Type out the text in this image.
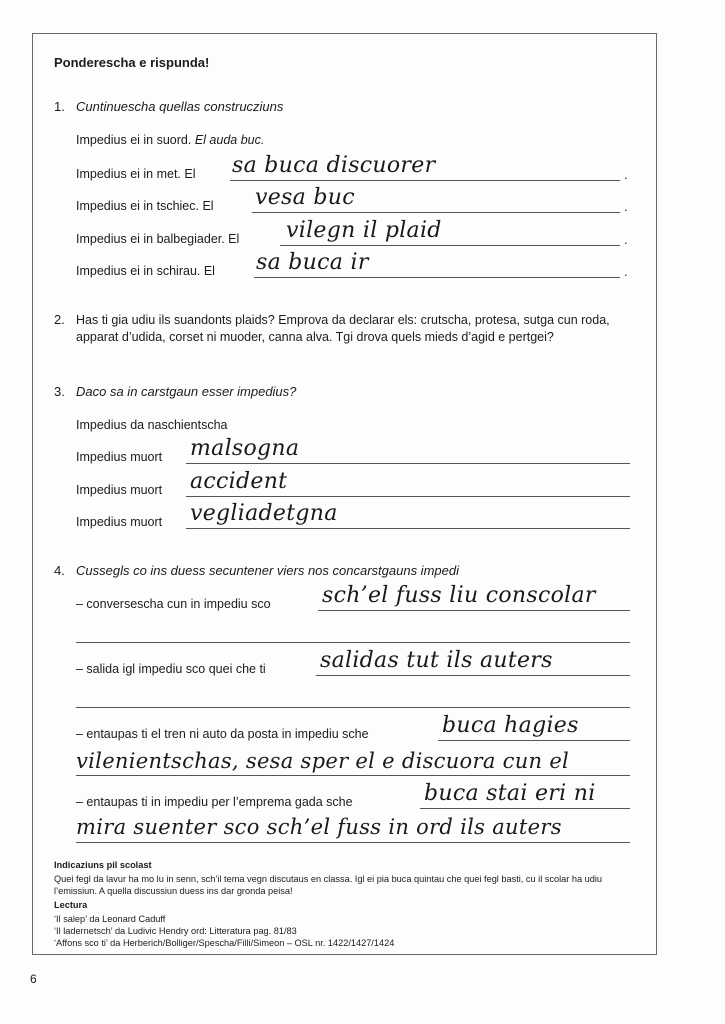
Ponderescha e rispunda!
1. Cuntinuescha quellas construcziuns
Impedius ei in suord. El auda buc.
Impedius ei in met. El sa buca discuorer	.
Impedius ei in tschiec. El vesa buc	.
Impedius ei in balbegiader. El vilegn il plaid	.
Impedius ei in schirau. El sa buca ir	.
2. Has ti gia udiu ils suandonts plaids? Emprova da declarar els: crutscha, protesa, sutga cun roda, apparat d’udida, corset ni muoder, canna alva. Tgi drova quels mieds d’agid e pertgei?
3. Daco sa in carstgaun esser impedius?
Impedius da naschientscha
Impedius muort malsogna
Impedius muort accident
Impedius muort vegliadetgna
4. Cussegls co ins duess secuntener viers nos concarstgauns impedi
– conversescha cun in impediu sco sch’el fuss liu conscolar
– salida igl impediu sco quei che ti salidas tut ils auters
– entaupas ti el tren ni auto da posta in impediu sche	buca hagies
vilenientschas, sesa sper el e discuora cun el
– entaupas ti in impediu per l’emprema gada sche	buca stai eri ni
mira suenter sco sch’el fuss in ord ils auters
Indicaziuns pil scolast
Quei fegl da lavur ha mo lu in senn, sch’il tema vegn discutaus en classa. Igl ei pia buca quintau che quei fegl basti, cu il scolar ha udiu l’emissiun. A quella discussiun duess ins dar gronda peisa!
Lectura
‘Il salep’ da Leonard Caduff
‘Il ladernetsch’ da Ludivic Hendry ord: Litteratura pag. 81/83
‘Affons sco ti’ da Herberich/Bolliger/Spescha/Filli/Simeon – OSL nr. 1422/1427/1424
6
